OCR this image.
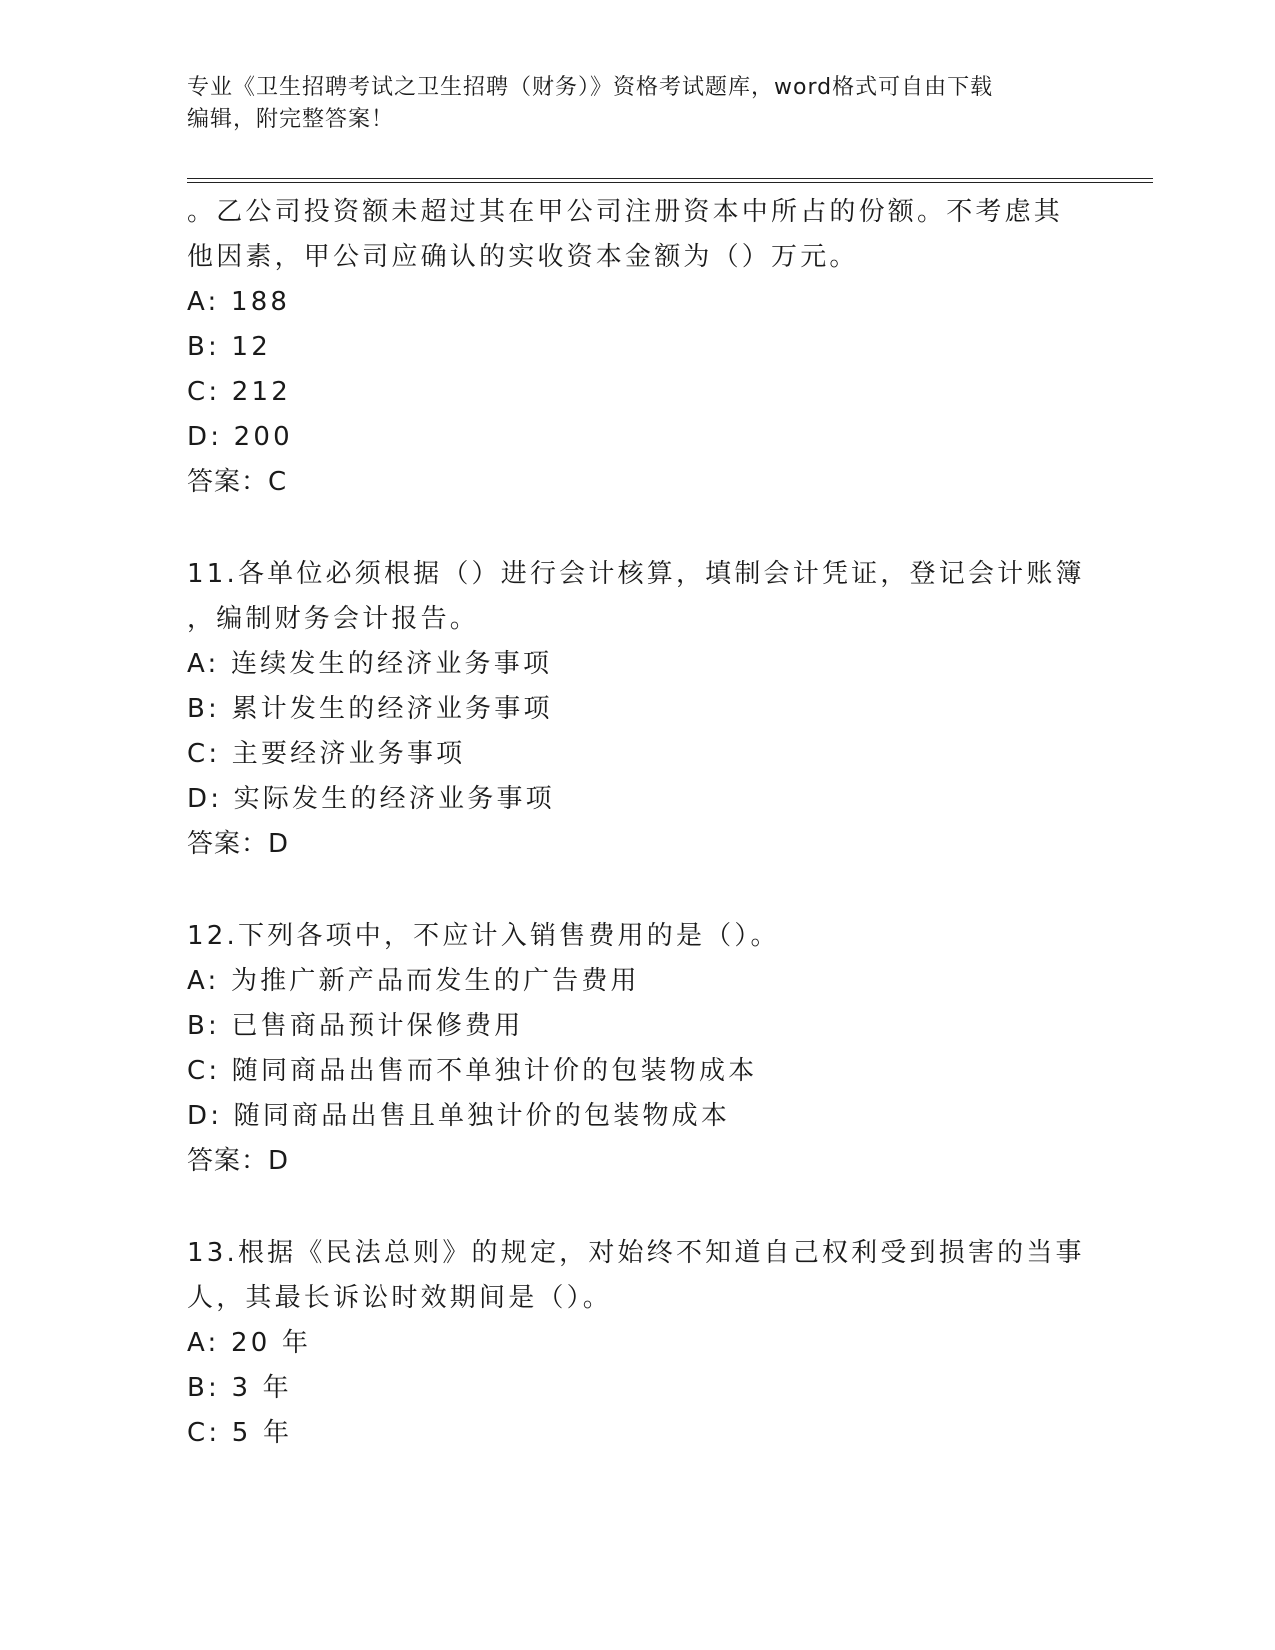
专业《卫生招聘考试之卫生招聘（财务）》资格考试题库，word格式可自由下载
编辑，附完整答案！
。乙公司投资额未超过其在甲公司注册资本中所占的份额。不考虑其
他因素，甲公司应确认的实收资本金额为（）万元。
A: 188
B: 12
C: 212
D: 200
答案：C
11.各单位必须根据（）进行会计核算，填制会计凭证，登记会计账簿
，编制财务会计报告。
A: 连续发生的经济业务事项
B: 累计发生的经济业务事项
C: 主要经济业务事项
D: 实际发生的经济业务事项
答案：D
12.下列各项中，不应计入销售费用的是（）。
A: 为推广新产品而发生的广告费用
B: 已售商品预计保修费用
C: 随同商品出售而不单独计价的包装物成本
D: 随同商品出售且单独计价的包装物成本
答案：D
13.根据《民法总则》的规定，对始终不知道自己权利受到损害的当事
人，其最长诉讼时效期间是（）。
A: 20 年
B: 3 年
C: 5 年
